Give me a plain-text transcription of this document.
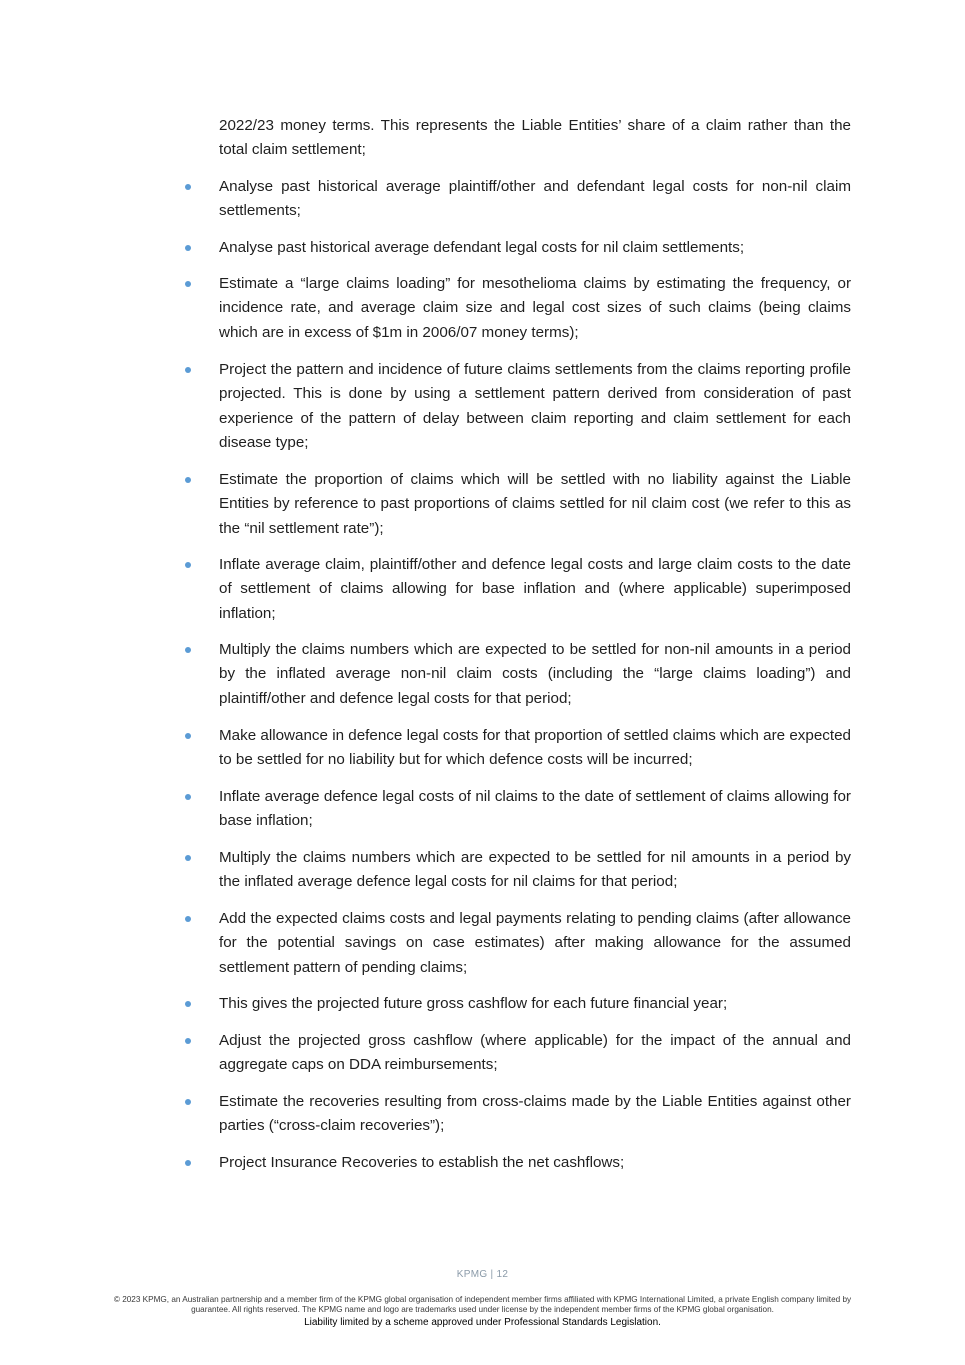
2022/23 money terms. This represents the Liable Entities’ share of a claim rather than the total claim settlement;

Analyse past historical average plaintiff/other and defendant legal costs for non-nil claim settlements;
Analyse past historical average defendant legal costs for nil claim settlements;
Estimate a “large claims loading” for mesothelioma claims by estimating the frequency, or incidence rate, and average claim size and legal cost sizes of such claims (being claims which are in excess of $1m in 2006/07 money terms);
Project the pattern and incidence of future claims settlements from the claims reporting profile projected. This is done by using a settlement pattern derived from consideration of past experience of the pattern of delay between claim reporting and claim settlement for each disease type;
Estimate the proportion of claims which will be settled with no liability against the Liable Entities by reference to past proportions of claims settled for nil claim cost (we refer to this as the “nil settlement rate”);
Inflate average claim, plaintiff/other and defence legal costs and large claim costs to the date of settlement of claims allowing for base inflation and (where applicable) superimposed inflation;
Multiply the claims numbers which are expected to be settled for non-nil amounts in a period by the inflated average non-nil claim costs (including the “large claims loading”) and plaintiff/other and defence legal costs for that period;
Make allowance in defence legal costs for that proportion of settled claims which are expected to be settled for no liability but for which defence costs will be incurred;
Inflate average defence legal costs of nil claims to the date of settlement of claims allowing for base inflation;
Multiply the claims numbers which are expected to be settled for nil amounts in a period by the inflated average defence legal costs for nil claims for that period;
Add the expected claims costs and legal payments relating to pending claims (after allowance for the potential savings on case estimates) after making allowance for the assumed settlement pattern of pending claims;
This gives the projected future gross cashflow for each future financial year;
Adjust the projected gross cashflow (where applicable) for the impact of the annual and aggregate caps on DDA reimbursements;
Estimate the recoveries resulting from cross-claims made by the Liable Entities against other parties (“cross-claim recoveries”);
Project Insurance Recoveries to establish the net cashflows;
KPMG | 12
© 2023 KPMG, an Australian partnership and a member firm of the KPMG global organisation of independent member firms affiliated with KPMG International Limited, a private English company limited by guarantee. All rights reserved. The KPMG name and logo are trademarks used under license by the independent member firms of the KPMG global organisation.
Liability limited by a scheme approved under Professional Standards Legislation.
